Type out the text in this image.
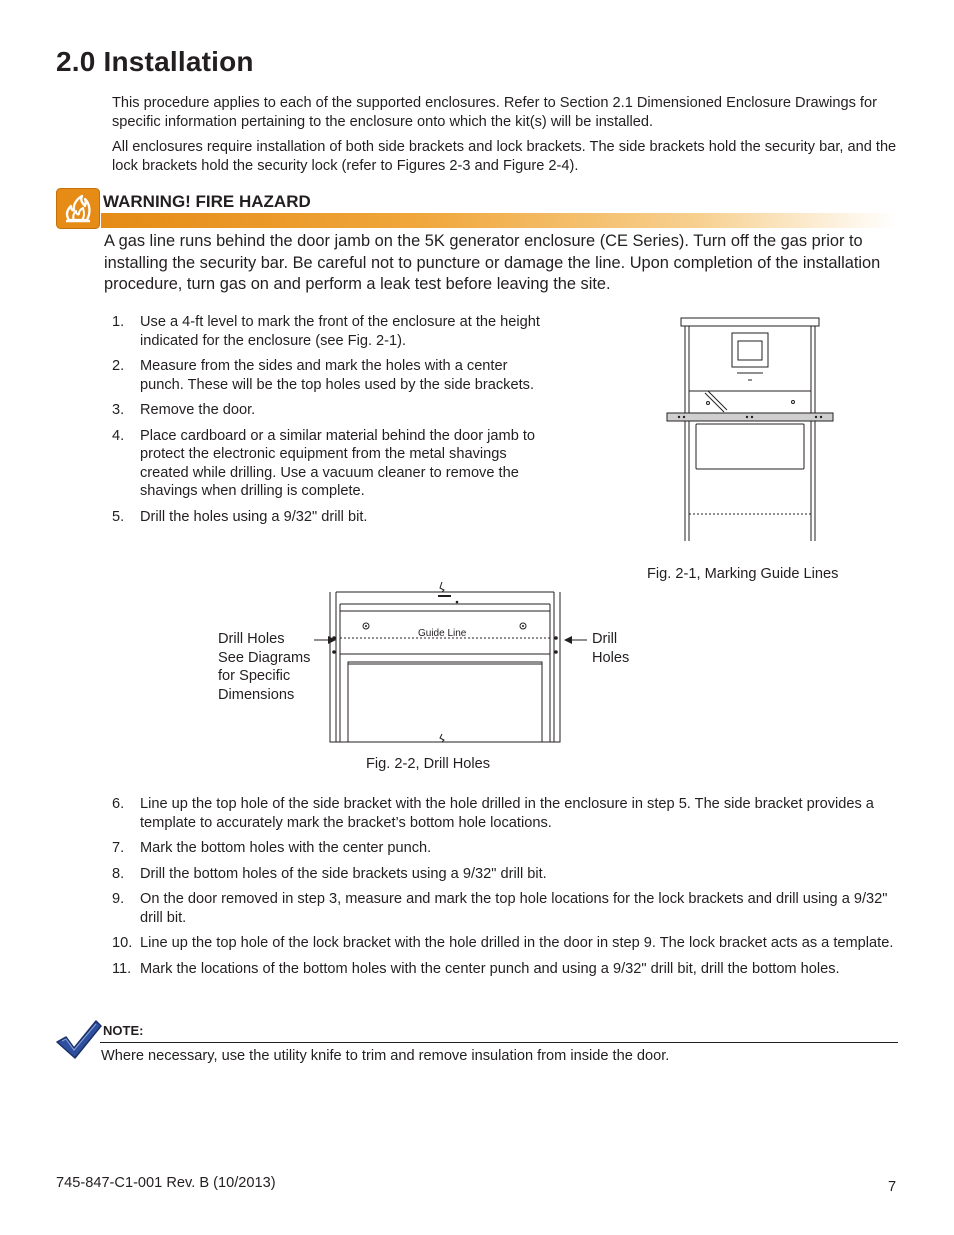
2.0 Installation

This procedure applies to each of the supported enclosures. Refer to Section 2.1 Dimensioned Enclosure Drawings for specific information pertaining to the enclosure onto which the kit(s) will be installed.

All enclosures require installation of both side brackets and lock brackets. The side brackets hold the security bar, and the lock brackets hold the security lock (refer to Figures 2-3 and Figure 2-4).

WARNING! FIRE HAZARD

A gas line runs behind the door jamb on the 5K generator enclosure (CE Series). Turn off the gas prior to installing the security bar. Be careful not to puncture or damage the line. Upon completion of the installation procedure, turn gas on and perform a leak test before leaving the site.

1. Use a 4-ft level to mark the front of the enclosure at the height indicated for the enclosure (see Fig. 2-1).
2. Measure from the sides and mark the holes with a center punch. These will be the top holes used by the side brackets.
3. Remove the door.
4. Place cardboard or a similar material behind the door jamb to protect the electronic equipment from the metal shavings created while drilling. Use a vacuum cleaner to remove the shavings when drilling is complete.
5. Drill the holes using a 9/32" drill bit.

Fig. 2-1, Marking Guide Lines

Guide Line

Drill Holes
See Diagrams
for Specific
Dimensions

Drill
Holes

Fig. 2-2, Drill Holes

6. Line up the top hole of the side bracket with the hole drilled in the enclosure in step 5. The side bracket provides a template to accurately mark the bracket’s bottom hole locations.
7. Mark the bottom holes with the center punch.
8. Drill the bottom holes of the side brackets using a 9/32" drill bit.
9. On the door removed in step 3, measure and mark the top hole locations for the lock brackets and drill using a 9/32" drill bit.
10. Line up the top hole of the lock bracket with the hole drilled in the door in step 9. The lock bracket acts as a template.
11. Mark the locations of the bottom holes with the center punch and using a 9/32" drill bit, drill the bottom holes.

NOTE:

Where necessary, use the utility knife to trim and remove insulation from inside the door.

745-847-C1-001 Rev. B (10/2013)	7
